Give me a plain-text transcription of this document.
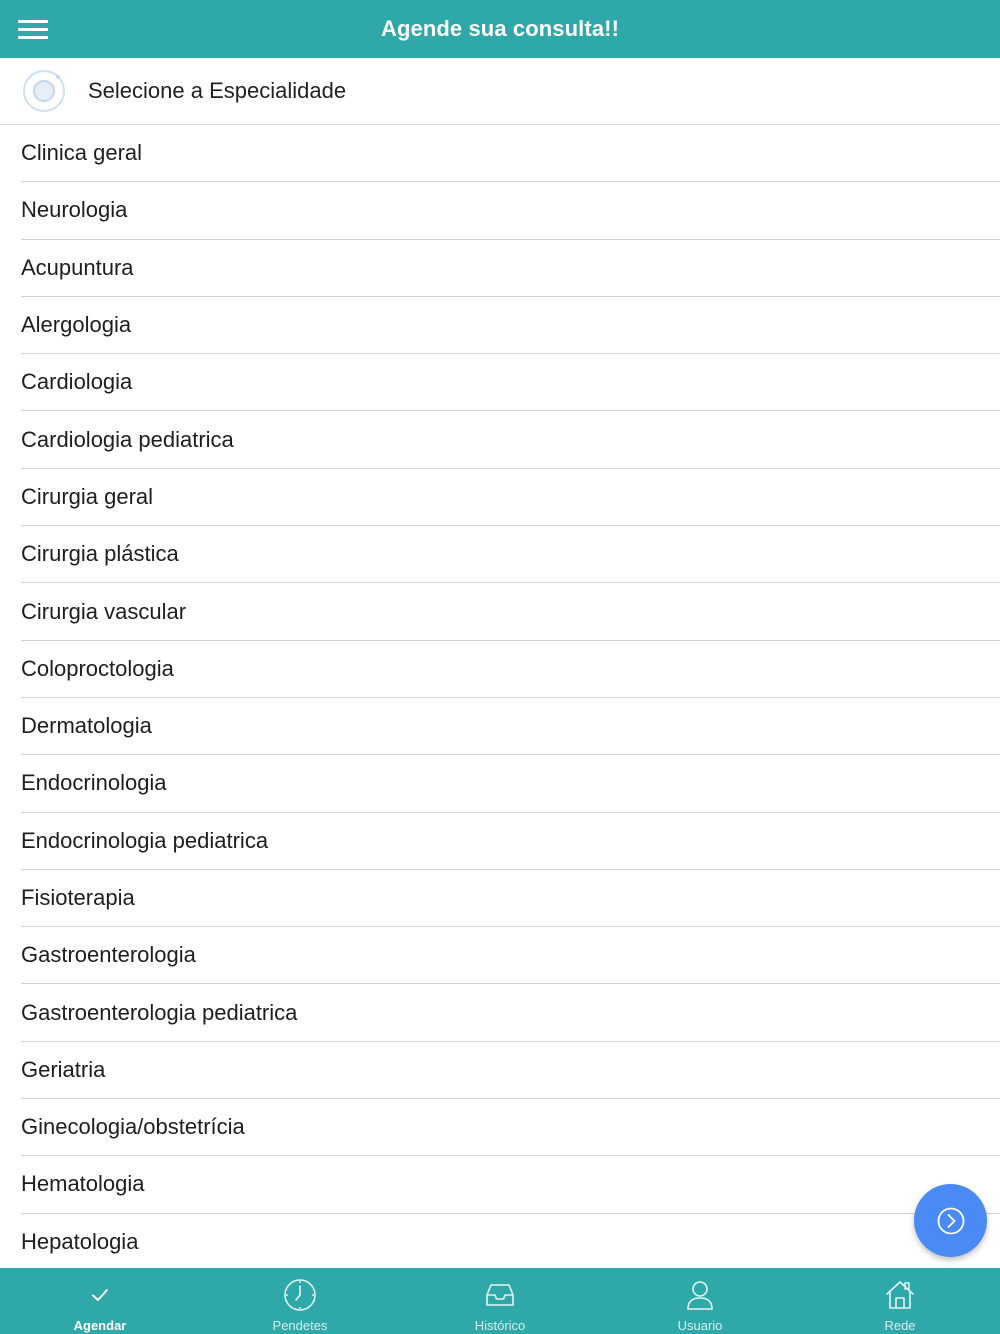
Agende sua consulta!!
Selecione a Especialidade
Clinica geral
Neurologia
Acupuntura
Alergologia
Cardiologia
Cardiologia pediatrica
Cirurgia geral
Cirurgia plástica
Cirurgia vascular
Coloproctologia
Dermatologia
Endocrinologia
Endocrinologia pediatrica
Fisioterapia
Gastroenterologia
Gastroenterologia pediatrica
Geriatria
Ginecologia/obstetrícia
Hematologia
Hepatologia
Agendar	Pendetes	Histórico	Usuario	Rede
